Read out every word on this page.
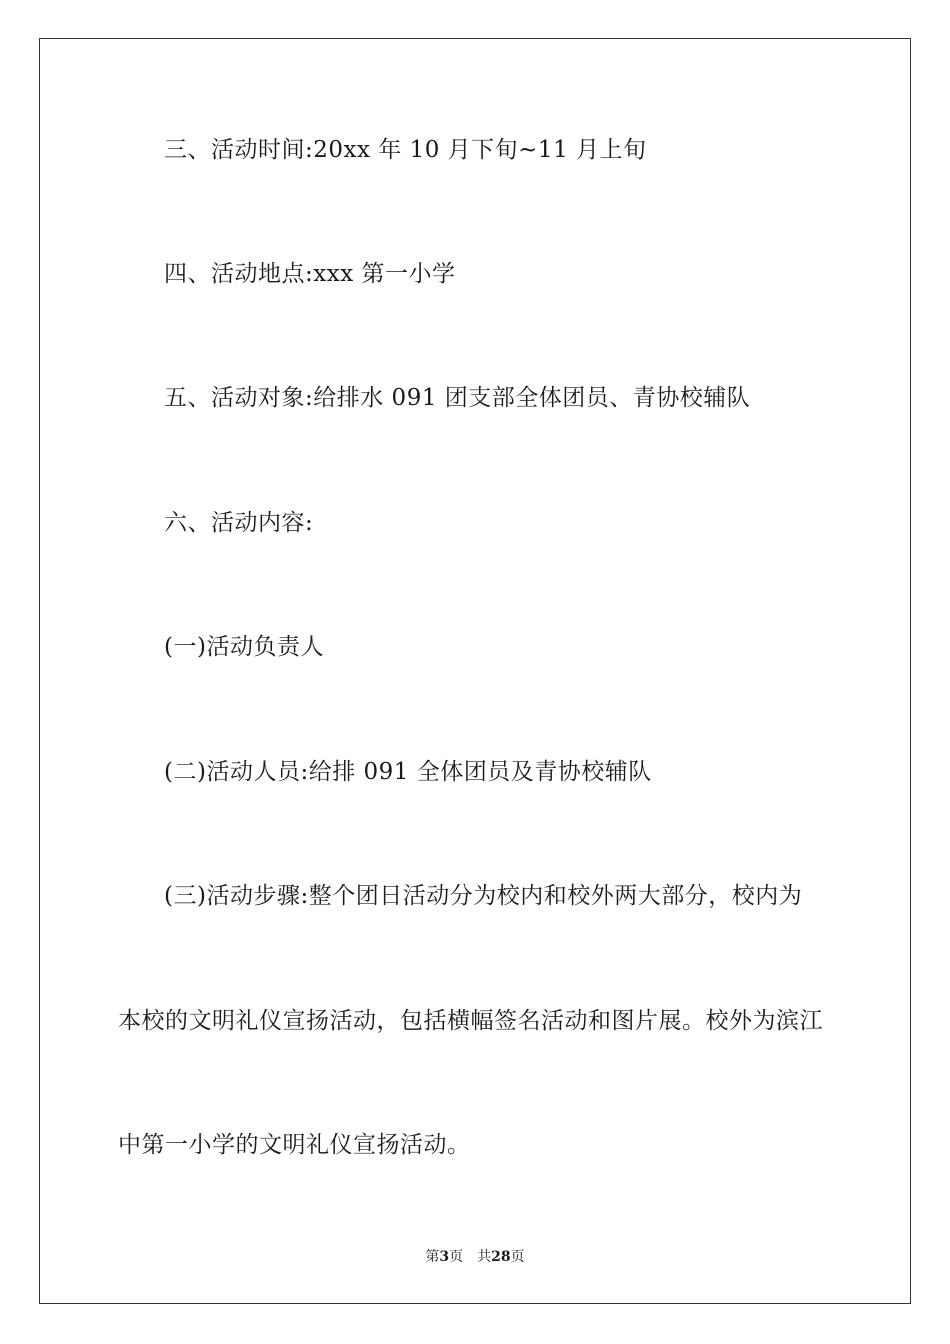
三、活动时间:20xx 年 10 月下旬~11 月上旬
四、活动地点:xxx 第一小学
五、活动对象:给排水 091 团支部全体团员、青协校辅队
六、活动内容:
(一)活动负责人
(二)活动人员:给排 091 全体团员及青协校辅队
(三)活动步骤:整个团日活动分为校内和校外两大部分，校内为
本校的文明礼仪宣扬活动，包括横幅签名活动和图片展。校外为滨江
中第一小学的文明礼仪宣扬活动。
第3页 共28页
